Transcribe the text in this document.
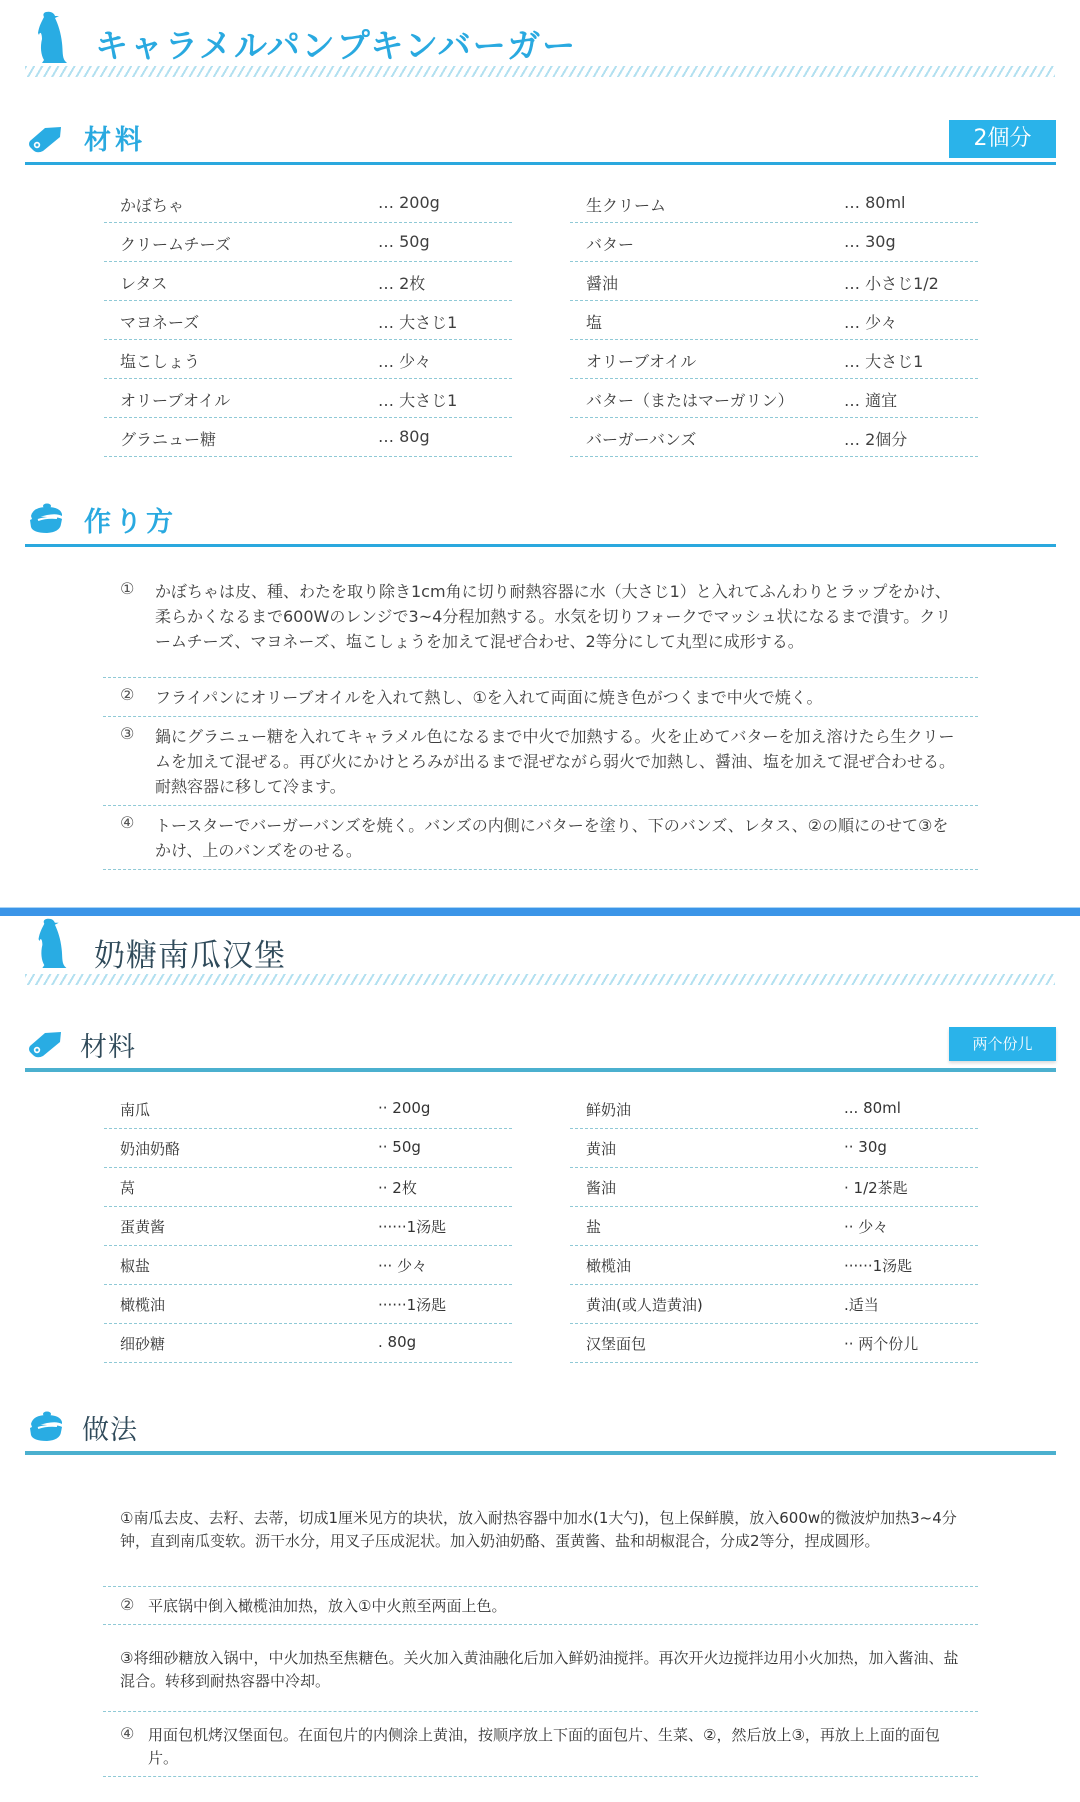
キャラメルパンプキンバーガー
材料	2個分
かぼちゃ	… 200g
クリームチーズ	… 50g
レタス	… 2枚
マヨネーズ	… 大さじ1
塩こしょう	… 少々
オリーブオイル	… 大さじ1
グラニュー糖	… 80g
生クリーム	… 80ml
バター	… 30g
醤油	… 小さじ1/2
塩	… 少々
オリーブオイル	… 大さじ1
バター（またはマーガリン）	… 適宜
バーガーバンズ	… 2個分
作り方
① かぼちゃは皮、種、わたを取り除き1cm角に切り耐熱容器に水（大さじ1）と入れてふんわりとラップをかけ、柔らかくなるまで600Wのレンジで3~4分程加熱する。水気を切りフォークでマッシュ状になるまで潰す。クリームチーズ、マヨネーズ、塩こしょうを加えて混ぜ合わせ、2等分にして丸型に成形する。
② フライパンにオリーブオイルを入れて熱し、①を入れて両面に焼き色がつくまで中火で焼く。
③ 鍋にグラニュー糖を入れてキャラメル色になるまで中火で加熱する。火を止めてバターを加え溶けたら生クリームを加えて混ぜる。再び火にかけとろみが出るまで混ぜながら弱火で加熱し、醤油、塩を加えて混ぜ合わせる。耐熱容器に移して冷ます。
④ トースターでバーガーバンズを焼く。バンズの内側にバターを塗り、下のバンズ、レタス、②の順にのせて③をかけ、上のバンズをのせる。
奶糖南瓜汉堡
材料	两个份儿
南瓜	·· 200g
奶油奶酪	·· 50g
莴	·· 2枚
蛋黄酱	······1汤匙
椒盐	··· 少々
橄榄油	······1汤匙
细砂糖	. 80g
鲜奶油	... 80ml
黄油	·· 30g
酱油	· 1/2茶匙
盐	·· 少々
橄榄油	······1汤匙
黄油(或人造黄油)	.适当
汉堡面包	·· 两个份儿
做法
①南瓜去皮、去籽、去蒂，切成1厘米见方的块状，放入耐热容器中加水(1大勺)，包上保鲜膜，放入600w的微波炉加热3~4分钟，直到南瓜变软。沥干水分，用叉子压成泥状。加入奶油奶酪、蛋黄酱、盐和胡椒混合，分成2等分，捏成圆形。
② 平底锅中倒入橄榄油加热，放入①中火煎至两面上色。
③将细砂糖放入锅中，中火加热至焦糖色。关火加入黄油融化后加入鲜奶油搅拌。再次开火边搅拌边用小火加热，加入酱油、盐混合。转移到耐热容器中冷却。
④ 用面包机烤汉堡面包。在面包片的内侧涂上黄油，按顺序放上下面的面包片、生菜、②，然后放上③，再放上上面的面包片。
